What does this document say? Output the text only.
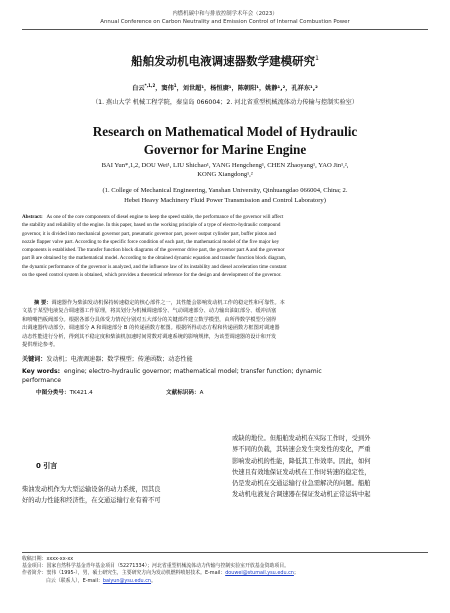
内燃机碳中和与排放控制学术年会（2023）
Annual Conference on Carbon Neutrality and Emission Control of Internal Combustion Power
船舶发动机电液调速器数学建模研究$^1$
白云$^{*,1,2}$，窦伟$^1$，刘世超¹，杨恒赓¹，陈朝阳¹，姚静¹,²，孔祥东¹,²
（1. 燕山大学 机械工程学院，秦皇岛 066004；2. 河北省重型机械流体动力传输与控制实验室）
Research on Mathematical Model of Hydraulic
Governor for Marine Engine
BAI Yun*,1,2, DOU Wei¹, LIU Shichao¹, YANG Hengcheng¹, CHEN Zhaoyang¹, YAO Jin¹,²,
KONG Xiangdong¹,²
(1. College of Mechanical Engineering, Yanshan University, Qinhuangdao 066004, China; 2.
Hebei Heavy Machinery Fluid Power Transmission and Control Laboratory)
Abstract: As one of the core components of diesel engine to keep the speed stable, the performance of the governor will affect
the stability and reliability of the engine. In this paper, based on the working principle of a type of electro-hydraulic compound
governor, it is divided into mechanical governor part, pneumatic governor part, power output cylinder part, buffer piston and
nozzle flapper valve part. According to the specific force condition of each part, the mathematical model of the five major key
components is established. The transfer function block diagrams of the governor drive part, the governor part A and the governor
part B are obtained by the mathematical model. According to the obtained dynamic equation and transfer function block diagram,
the dynamic performance of the governor is analyzed, and the influence law of its instability and diesel acceleration time constant
on the speed control system is obtained, which provides a theoretical reference for the design and development of the governor.
摘 要：调速器作为柴油发动机保持转速稳定的核心部件之一，其性能会影响发动机工作的稳定性和可靠性。本
文基于某型电液复合调速器工作原理，将其划分为机械调速部分、气动调速部分、动力输出油缸部分、缓冲活塞
和喷嘴挡板阀部分。根据各部分具体受力情况分别对五大部分的关键部件建立数学模型，由所得数学模型分别得
出调速器传动部分、调速部分 A 和调速部分 B 的传递函数方框图。根据所得动态方程和传递函数方框图对调速器
动态性能进行分析，得到其不稳定度和柴油机加速时间常数对调速系统的影响规律，为该型调速器的设计和开发
提供理论参考。
关键词：发动机；电液调速器；数学模型；传递函数；动态性能
Key words: engine; electro-hydraulic governor; mathematical model; transfer function; dynamic
performance
中图分类号：TK421.4	文献标识码：A
0 引言
柴油发动机作为大型运输设备的动力系统，因其良
好的动力性能和经济性，在交通运输行业有着不可
或缺的地位。但船舶发动机在实际工作时，受到外
界不同的负载，其转速会发生突发性的变化，严重
影响发动机的性能，降低其工作效率。因此，如何
快速且有效地保证发动机在工作时转速的稳定性，
仍是发动机在交通运输行业急需解决的问题。船舶
发动机电液复合调速器在保证发动机正常运转中起
收稿日期：xxxx-xx-xx
基金项目：国家自然科学基金青年基金项目（52271334）；河北省重型机械流体动力传输与控制实验室开放基金资助项目。
作者简介：窦伟（1995-），男，硕士研究生，主要研究方向为发动机燃料喷射技术。E-mail：douwei@stumail.ysu.edu.cn；
白云（联系人），E-mail：baiyun@ysu.edu.cn。
